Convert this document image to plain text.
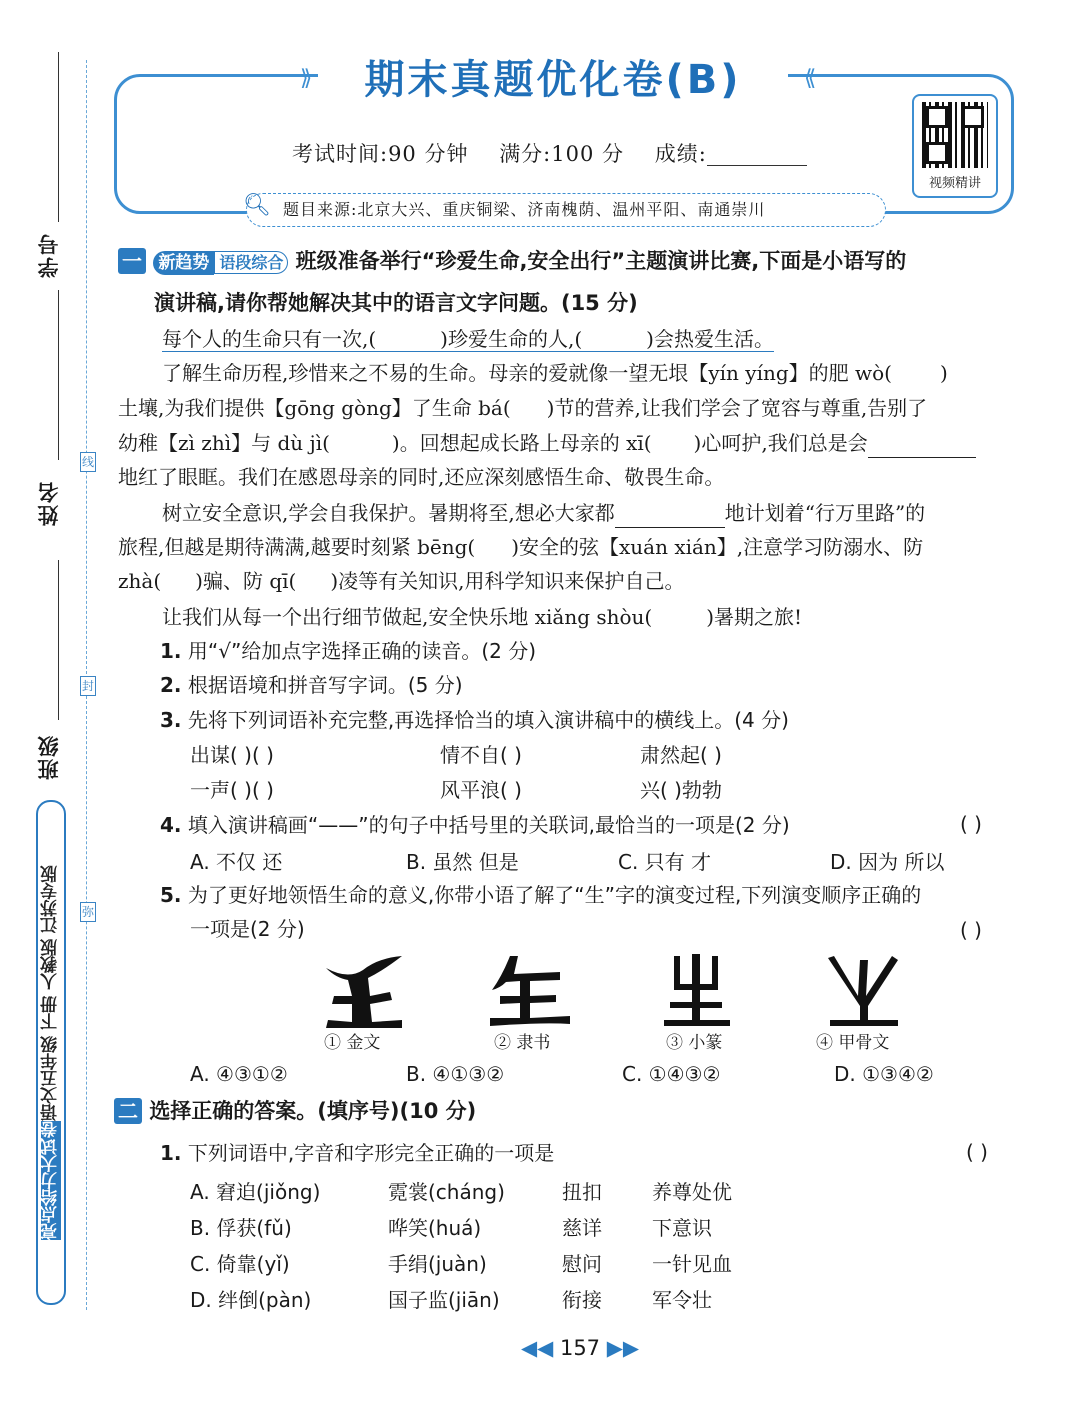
学号
姓名
班级
线
封
弥
亮点给力大试卷语文五年级 下册 人教版 江苏专版
⟫	⟪
期末真题优化卷(B)
考试时间:90 分钟 满分:100 分 成绩:
视频精讲
🔍︎ 题目来源:北京大兴、重庆铜梁、济南槐荫、温州平阳、南通崇川
一 新趋势 语段综合 班级准备举行“珍爱生命,安全出行”主题演讲比赛,下面是小语写的
演讲稿,请你帮她解决其中的语言文字问题。(15 分)
每个人的生命只有一次,(	)珍爱生命的人,(	)会热爱生活。
了解生命历程,珍惜来之不易的生命。母亲的爱就像一望无垠【yín yíng】的肥 wò( )
土壤,为我们提供【gōng gòng】了生命 bá( )节的营养,让我们学会了宽容与尊重,告别了
幼稚【zì zhì】与 dù jì(	)。回想起成长路上母亲的 xī( )心呵护,我们总是会
地红了眼眶。我们在感恩母亲的同时,还应深刻感悟生命、敬畏生命。
树立安全意识,学会自我保护。暑期将至,想必大家都	地计划着“行万里路”的
旅程,但越是期待满满,越要时刻紧 bēng( )安全的弦【xuán xián】,注意学习防溺水、防
zhà( )骗、防 qī( )凌等有关知识,用科学知识来保护自己。
让我们从每一个出行细节做起,安全快乐地 xiǎng shòu(	)暑期之旅!
1. 用“√”给加点字选择正确的读音。(2 分)
2. 根据语境和拼音写字词。(5 分)
3. 先将下列词语补充完整,再选择恰当的填入演讲稿中的横线上。(4 分)
出谋( )( )	情不自( )	肃然起( )
一声( )( )	风平浪( )	兴( )勃勃
4. 填入演讲稿画“——”的句子中括号里的关联词,最恰当的一项是(2 分)	( )
A. 不仅 还	B. 虽然 但是	C. 只有 才	D. 因为 所以
5. 为了更好地领悟生命的意义,你带小语了解了“生”字的演变过程,下列演变顺序正确的
一项是(2 分)	( )
① 金文	② 隶书	③ 小篆	④ 甲骨文
A. ④③①②	B. ④①③②	C. ①④③②	D. ①③④②
二 选择正确的答案。(填序号)(10 分)
1. 下列词语中,字音和字形完全正确的一项是	( )
A. 窘迫(jiǒng)	霓裳(cháng)	扭扣	养尊处优
B. 俘获(fǔ)	哗笑(huá)	慈详	下意识
C. 倚靠(yǐ)	手绢(juàn)	慰问	一针见血
D. 绊倒(pàn)	国子监(jiān)	衔接	军令壮
◀◀ 157 ▶▶
